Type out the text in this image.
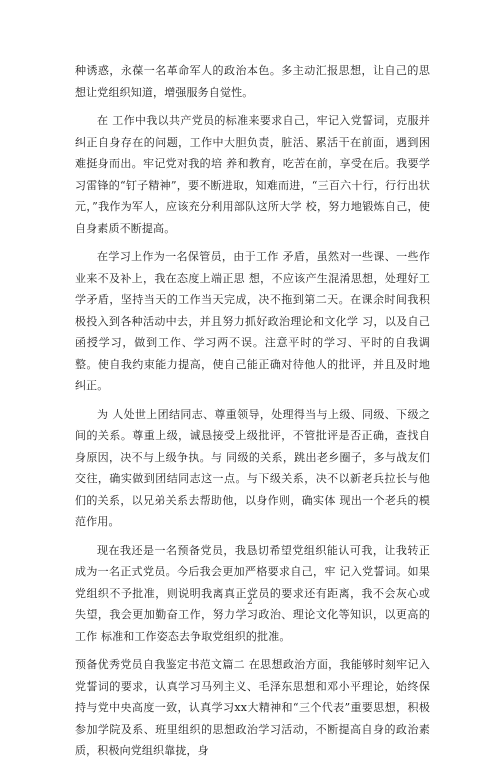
种诱惑，永葆一名革命军人的政治本色。多主动汇报思想，让自己的思想让党组织知道，增强服务自觉性。

在 工作中我以共产党员的标准来要求自己，牢记入党誓词，克服并纠正自身存在的问题，工作中大胆负责，脏活、累活干在前面，遇到困难挺身而出。牢记党对我的培 养和教育，吃苦在前，享受在后。我要学习雷锋的“钉子精神”，要不断进取，知难而进，“三百六十行，行行出状元，”我作为军人，应该充分利用部队这所大学 校，努力地锻炼自己，使自身素质不断提高。

在学习上作为一名保管员，由于工作 矛盾，虽然对一些课、一些作业来不及补上，我在态度上端正思 想，不应该产生混淆思想，处理好工学矛盾，坚持当天的工作当天完成，决不拖到第二天。在课余时间我积极投入到各种活动中去，并且努力抓好政治理论和文化学 习，以及自己函授学习，做到工作、学习两不误。注意平时的学习、平时的自我调整。使自我约束能力提高，使自己能正确对待他人的批评，并且及时地纠正。

为 人处世上团结同志、尊重领导，处理得当与上级、同级、下级之间的关系。尊重上级，诚恳接受上级批评，不管批评是否正确，查找自身原因，决不与上级争执。与 同级的关系，跳出老乡圈子，多与战友们交往，确实做到团结同志这一点。与下级关系，决不以新老兵拉长与他们的关系，以兄弟关系去帮助他，以身作则，确实体 现出一个老兵的模范作用。

现在我还是一名预备党员，我恳切希望党组织能认可我，让我转正成为一名正式党员。今后我会更加严格要求自己，牢 记入党誓词。如果党组织不予批准，则说明我离真正党员的要求还有距离，我不会灰心或失望，我会更加勤奋工作，努力学习政治、理论文化等知识，以更高的工作 标准和工作姿态去争取党组织的批准。

预备优秀党员自我鉴定书范文篇二 在思想政治方面，我能够时刻牢记入党誓词的要求，认真学习马列主义、毛泽东思想和邓小平理论，始终保持与党中央高度一致，认真学习xx大精神和“三个代表”重要思想，积极参加学院及系、班里组织的思想政治学习活动，不断提高自身的政治素质，积极向党组织靠拢，身

2
